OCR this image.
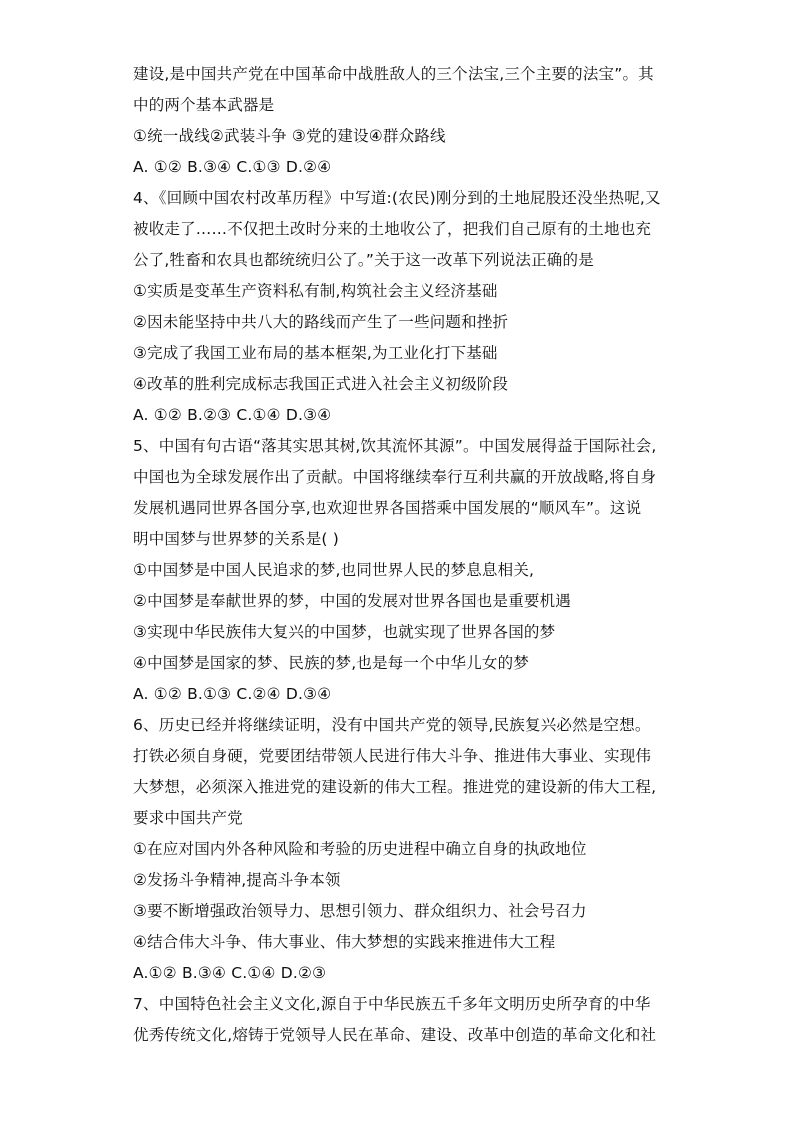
建设,是中国共产党在中国革命中战胜敌人的三个法宝,三个主要的法宝”。其
中的两个基本武器是
①统一战线②武装斗争 ③党的建设④群众路线
A. ①② B.③④ C.①③ D.②④
4、《回顾中国农村改革历程》中写道:(农民)刚分到的土地屁股还没坐热呢,又
被收走了……不仅把土改时分来的土地收公了，把我们自己原有的土地也充
公了,牲畜和农具也都统统归公了。”关于这一改革下列说法正确的是
①实质是变革生产资料私有制,构筑社会主义经济基础
②因未能坚持中共八大的路线而产生了一些问题和挫折
③完成了我国工业布局的基本框架,为工业化打下基础
④改革的胜利完成标志我国正式进入社会主义初级阶段
A. ①② B.②③ C.①④ D.③④
5、中国有句古语“落其实思其树,饮其流怀其源”。中国发展得益于国际社会,
中国也为全球发展作出了贡献。中国将继续奉行互利共赢的开放战略,将自身
发展机遇同世界各国分享,也欢迎世界各国搭乘中国发展的“顺风车”。这说
明中国梦与世界梦的关系是( )
①中国梦是中国人民追求的梦,也同世界人民的梦息息相关,
②中国梦是奉献世界的梦，中国的发展对世界各国也是重要机遇
③实现中华民族伟大复兴的中国梦，也就实现了世界各国的梦
④中国梦是国家的梦、民族的梦,也是每一个中华儿女的梦
A. ①② B.①③ C.②④ D.③④
6、历史已经并将继续证明，没有中国共产党的领导,民族复兴必然是空想。
打铁必须自身硬，党要团结带领人民进行伟大斗争、推进伟大事业、实现伟
大梦想，必须深入推进党的建设新的伟大工程。推进党的建设新的伟大工程,
要求中国共产党
①在应对国内外各种风险和考验的历史进程中确立自身的执政地位
②发扬斗争精神,提高斗争本领
③要不断增强政治领导力、思想引领力、群众组织力、社会号召力
④结合伟大斗争、伟大事业、伟大梦想的实践来推进伟大工程
A.①② B.③④ C.①④ D.②③
7、中国特色社会主义文化,源自于中华民族五千多年文明历史所孕育的中华
优秀传统文化,熔铸于党领导人民在革命、建设、改革中创造的革命文化和社
